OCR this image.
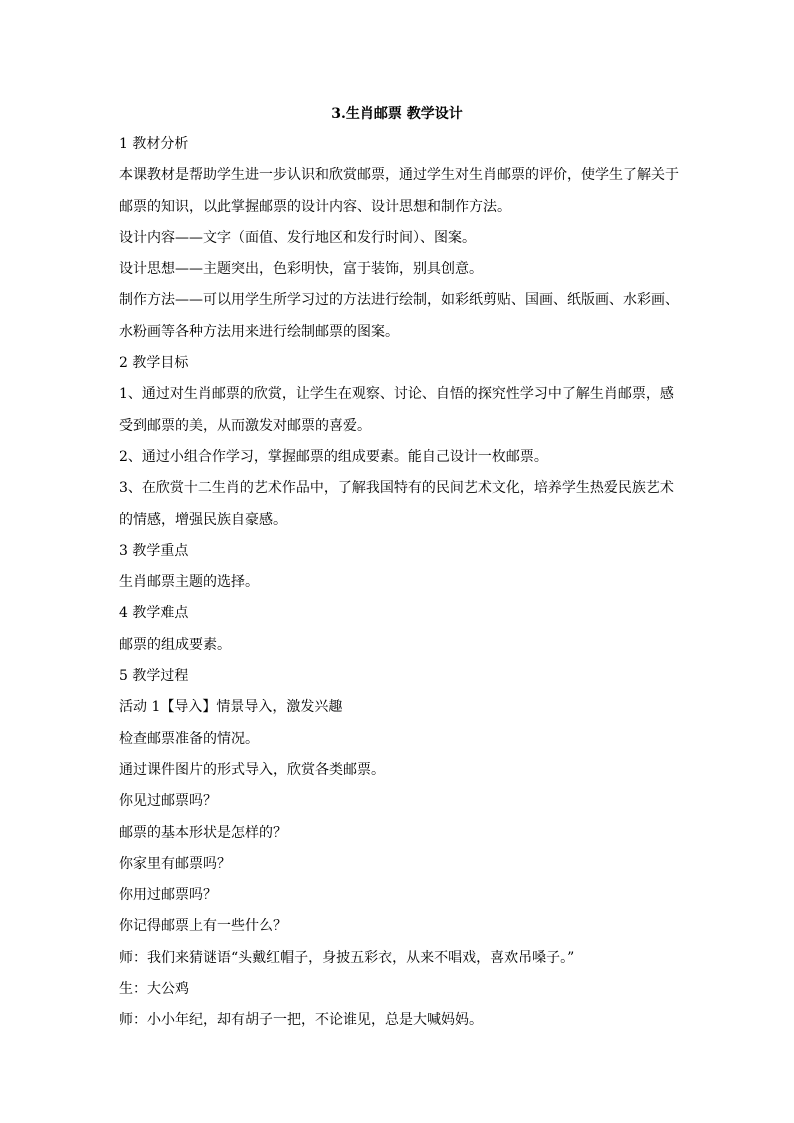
3.生肖邮票 教学设计
1 教材分析
本课教材是帮助学生进一步认识和欣赏邮票，通过学生对生肖邮票的评价，使学生了解关于
邮票的知识，以此掌握邮票的设计内容、设计思想和制作方法。
设计内容——文字（面值、发行地区和发行时间）、图案。
设计思想——主题突出，色彩明快，富于装饰，别具创意。
制作方法——可以用学生所学习过的方法进行绘制，如彩纸剪贴、国画、纸版画、水彩画、
水粉画等各种方法用来进行绘制邮票的图案。
2 教学目标
1、通过对生肖邮票的欣赏，让学生在观察、讨论、自悟的探究性学习中了解生肖邮票，感
受到邮票的美，从而激发对邮票的喜爱。
2、通过小组合作学习，掌握邮票的组成要素。能自己设计一枚邮票。
3、在欣赏十二生肖的艺术作品中，了解我国特有的民间艺术文化，培养学生热爱民族艺术
的情感，增强民族自豪感。
3 教学重点
生肖邮票主题的选择。
4 教学难点
邮票的组成要素。
5 教学过程
活动 1【导入】情景导入，激发兴趣
检查邮票准备的情况。
通过课件图片的形式导入，欣赏各类邮票。
你见过邮票吗？
邮票的基本形状是怎样的？
你家里有邮票吗？
你用过邮票吗？
你记得邮票上有一些什么？
师：我们来猜谜语“头戴红帽子，身披五彩衣，从来不唱戏，喜欢吊嗓子。”
生：大公鸡
师：小小年纪，却有胡子一把，不论谁见，总是大喊妈妈。
